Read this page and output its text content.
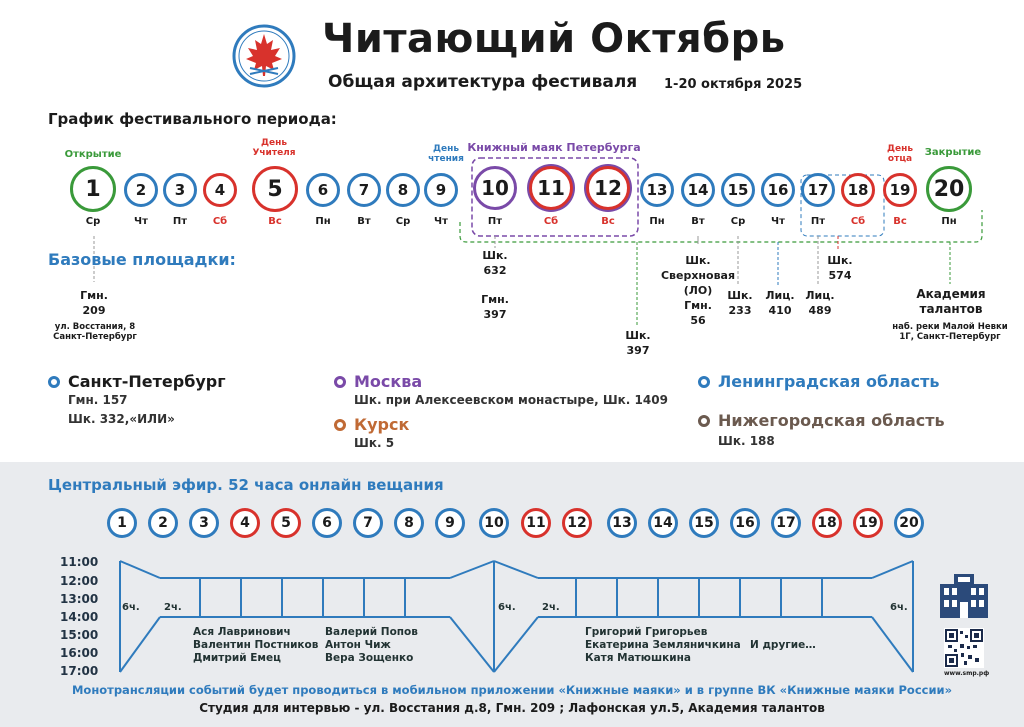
Читающий Октябрь
Общая архитектура фестиваля 1-20 октября 2025
График фестивального периода:
Открытие
День Учителя	День чтения
Книжный маяк Петербурга	День отца
Закрытие
1	2	3	4	5	6	7	8	9	10	11	12	13	14	15	16	17	18	19	20
Ср	Чт	Пт	Сб	Вс	Пн	Вт	Ср	Чт	Пт	Сб	Вс	Пн	Вт	Ср	Чт	Пт	Сб	Вс	Пн
Базовые площадки:
Гмн.
209
ул. Восстания, 8
Санкт-Петербург
Шк.
632
Гмн.
397
Шк.
397
Шк.
Сверхновая
(ЛО)
Гмн.
56
Шк.
233
Лиц.
410
Лиц.
489
Шк.
574
Академия
талантов
наб. реки Малой Невки
1Г, Санкт-Петербург
Санкт-Петербург
Гмн. 157
Шк. 332,«ИЛИ»
Москва
Шк. при Алексеевском монастыре, Шк. 1409
Курск
Шк. 5
Ленинградская область
Нижегородская область
Шк. 188
Центральный эфир. 52 часа онлайн вещания
1	2	3	4	5	6	7	8	9	10	11	12	13	14	15	16	17	18	19	20
11:00
12:00
13:00
14:00
15:00
16:00
17:00
6ч. 2ч.	6ч.	2ч.	6ч.
Ася Лавринович
Валентин Постников
Дмитрий Емец
Валерий Попов
Антон Чиж
Вера Зощенко
Григорий Григорьев
Екатерина Земляничкина
Катя Матюшкина
И другие…
www.smp.рф
Монотрансляции событий будет проводиться в мобильном приложении «Книжные маяки» и в группе ВК «Книжные маяки России»
Студия для интервью - ул. Восстания д.8, Гмн. 209 ; Лафонская ул.5, Академия талантов
